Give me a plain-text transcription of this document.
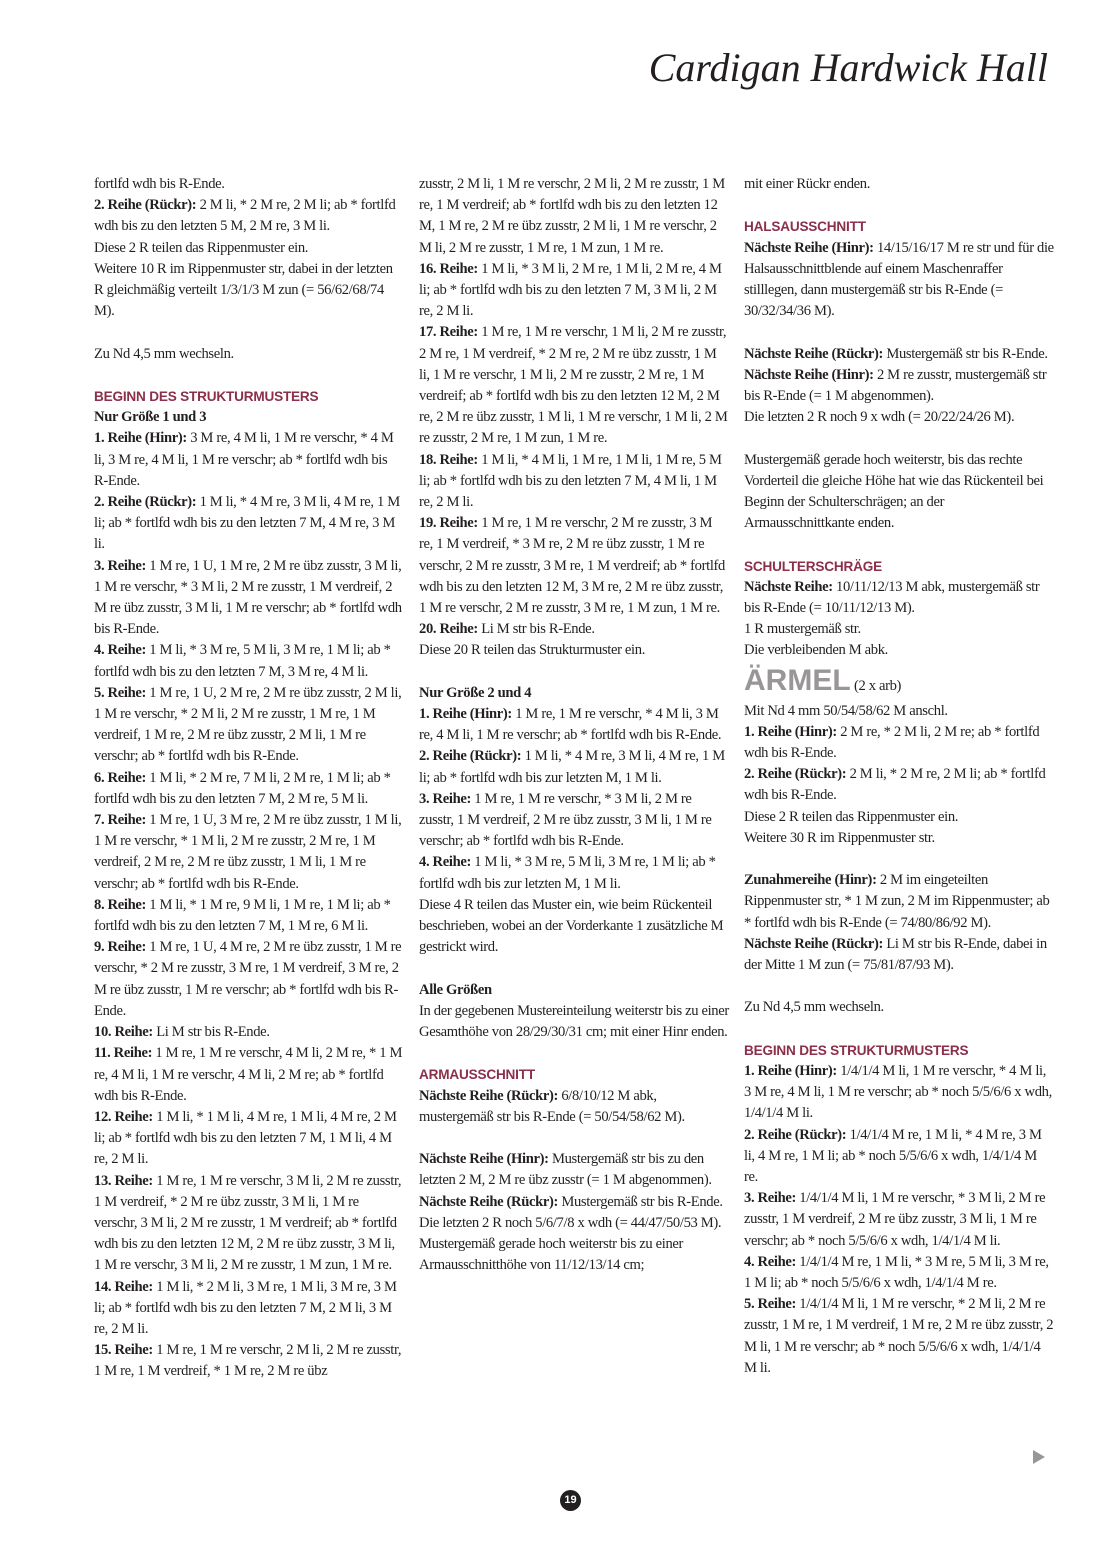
Cardigan Hardwick Hall

fortlfd wdh bis R-Ende.

2. Reihe (Rückr): 2 M li, * 2 M re, 2 M li; ab * fortlfd wdh bis zu den letzten 5 M, 2 M re, 3 M li.

Diese 2 R teilen das Rippenmuster ein.

Weitere 10 R im Rippenmuster str, dabei in der letzten R gleichmäßig verteilt 1/3/1/3 M zun (= 56/62/68/74 M).

Zu Nd 4,5 mm wechseln.

BEGINN DES STRUKTURMUSTERS

Nur Größe 1 und 3

1. Reihe (Hinr): 3 M re, 4 M li, 1 M re verschr, * 4 M li, 3 M re, 4 M li, 1 M re verschr; ab * fortlfd wdh bis R-Ende.

2. Reihe (Rückr): 1 M li, * 4 M re, 3 M li, 4 M re, 1 M li; ab * fortlfd wdh bis zu den letzten 7 M, 4 M re, 3 M li.

3. Reihe: 1 M re, 1 U, 1 M re, 2 M re übz zusstr, 3 M li, 1 M re verschr, * 3 M li, 2 M re zusstr, 1 M verdreif, 2 M re übz zusstr, 3 M li, 1 M re verschr; ab * fortlfd wdh bis R-Ende.

4. Reihe: 1 M li, * 3 M re, 5 M li, 3 M re, 1 M li; ab * fortlfd wdh bis zu den letzten 7 M, 3 M re, 4 M li.

5. Reihe: 1 M re, 1 U, 2 M re, 2 M re übz zusstr, 2 M li, 1 M re verschr, * 2 M li, 2 M re zusstr, 1 M re, 1 M verdreif, 1 M re, 2 M re übz zusstr, 2 M li, 1 M re verschr; ab * fortlfd wdh bis R-Ende.

6. Reihe: 1 M li, * 2 M re, 7 M li, 2 M re, 1 M li; ab * fortlfd wdh bis zu den letzten 7 M, 2 M re, 5 M li.

7. Reihe: 1 M re, 1 U, 3 M re, 2 M re übz zusstr, 1 M li, 1 M re verschr, * 1 M li, 2 M re zusstr, 2 M re, 1 M verdreif, 2 M re, 2 M re übz zusstr, 1 M li, 1 M re verschr; ab * fortlfd wdh bis R-Ende.

8. Reihe: 1 M li, * 1 M re, 9 M li, 1 M re, 1 M li; ab * fortlfd wdh bis zu den letzten 7 M, 1 M re, 6 M li.

9. Reihe: 1 M re, 1 U, 4 M re, 2 M re übz zusstr, 1 M re verschr, * 2 M re zusstr, 3 M re, 1 M verdreif, 3 M re, 2 M re übz zusstr, 1 M re verschr; ab * fortlfd wdh bis R-Ende.

10. Reihe: Li M str bis R-Ende.

11. Reihe: 1 M re, 1 M re verschr, 4 M li, 2 M re, * 1 M re, 4 M li, 1 M re verschr, 4 M li, 2 M re; ab * fortlfd wdh bis R-Ende.

12. Reihe: 1 M li, * 1 M li, 4 M re, 1 M li, 4 M re, 2 M li; ab * fortlfd wdh bis zu den letzten 7 M, 1 M li, 4 M re, 2 M li.

13. Reihe: 1 M re, 1 M re verschr, 3 M li, 2 M re zusstr, 1 M verdreif, * 2 M re übz zusstr, 3 M li, 1 M re verschr, 3 M li, 2 M re zusstr, 1 M verdreif; ab * fortlfd wdh bis zu den letzten 12 M, 2 M re übz zusstr, 3 M li, 1 M re verschr, 3 M li, 2 M re zusstr, 1 M zun, 1 M re.

14. Reihe: 1 M li, * 2 M li, 3 M re, 1 M li, 3 M re, 3 M li; ab * fortlfd wdh bis zu den letzten 7 M, 2 M li, 3 M re, 2 M li.

15. Reihe: 1 M re, 1 M re verschr, 2 M li, 2 M re zusstr, 1 M re, 1 M verdreif, * 1 M re, 2 M re übz

zusstr, 2 M li, 1 M re verschr, 2 M li, 2 M re zusstr, 1 M re, 1 M verdreif; ab * fortlfd wdh bis zu den letzten 12 M, 1 M re, 2 M re übz zusstr, 2 M li, 1 M re verschr, 2 M li, 2 M re zusstr, 1 M re, 1 M zun, 1 M re.

16. Reihe: 1 M li, * 3 M li, 2 M re, 1 M li, 2 M re, 4 M li; ab * fortlfd wdh bis zu den letzten 7 M, 3 M li, 2 M re, 2 M li.

17. Reihe: 1 M re, 1 M re verschr, 1 M li, 2 M re zusstr, 2 M re, 1 M verdreif, * 2 M re, 2 M re übz zusstr, 1 M li, 1 M re verschr, 1 M li, 2 M re zusstr, 2 M re, 1 M verdreif; ab * fortlfd wdh bis zu den letzten 12 M, 2 M re, 2 M re übz zusstr, 1 M li, 1 M re verschr, 1 M li, 2 M re zusstr, 2 M re, 1 M zun, 1 M re.

18. Reihe: 1 M li, * 4 M li, 1 M re, 1 M li, 1 M re, 5 M li; ab * fortlfd wdh bis zu den letzten 7 M, 4 M li, 1 M re, 2 M li.

19. Reihe: 1 M re, 1 M re verschr, 2 M re zusstr, 3 M re, 1 M verdreif, * 3 M re, 2 M re übz zusstr, 1 M re verschr, 2 M re zusstr, 3 M re, 1 M verdreif; ab * fortlfd wdh bis zu den letzten 12 M, 3 M re, 2 M re übz zusstr, 1 M re verschr, 2 M re zusstr, 3 M re, 1 M zun, 1 M re.

20. Reihe: Li M str bis R-Ende.

Diese 20 R teilen das Strukturmuster ein.

Nur Größe 2 und 4

1. Reihe (Hinr): 1 M re, 1 M re verschr, * 4 M li, 3 M re, 4 M li, 1 M re verschr; ab * fortlfd wdh bis R-Ende.

2. Reihe (Rückr): 1 M li, * 4 M re, 3 M li, 4 M re, 1 M li; ab * fortlfd wdh bis zur letzten M, 1 M li.

3. Reihe: 1 M re, 1 M re verschr, * 3 M li, 2 M re zusstr, 1 M verdreif, 2 M re übz zusstr, 3 M li, 1 M re verschr; ab * fortlfd wdh bis R-Ende.

4. Reihe: 1 M li, * 3 M re, 5 M li, 3 M re, 1 M li; ab * fortlfd wdh bis zur letzten M, 1 M li.

Diese 4 R teilen das Muster ein, wie beim Rückenteil beschrieben, wobei an der Vorderkante 1 zusätzliche M gestrickt wird.

Alle Größen

In der gegebenen Mustereinteilung weiterstr bis zu einer Gesamthöhe von 28/29/30/31 cm; mit einer Hinr enden.

ARMAUSSCHNITT

Nächste Reihe (Rückr): 6/8/10/12 M abk, mustergemäß str bis R-Ende (= 50/54/58/62 M).

Nächste Reihe (Hinr): Mustergemäß str bis zu den letzten 2 M, 2 M re übz zusstr (= 1 M abgenommen).

Nächste Reihe (Rückr): Mustergemäß str bis R-Ende.

Die letzten 2 R noch 5/6/7/8 x wdh (= 44/47/50/53 M).

Mustergemäß gerade hoch weiterstr bis zu einer Armausschnitthöhe von 11/12/13/14 cm;

mit einer Rückr enden.

HALSAUSSCHNITT

Nächste Reihe (Hinr): 14/15/16/17 M re str und für die Halsausschnittblende auf einem Maschenraffer stilllegen, dann mustergemäß str bis R-Ende (= 30/32/34/36 M).

Nächste Reihe (Rückr): Mustergemäß str bis R-Ende.

Nächste Reihe (Hinr): 2 M re zusstr, mustergemäß str bis R-Ende (= 1 M abgenommen).

Die letzten 2 R noch 9 x wdh (= 20/22/24/26 M).

Mustergemäß gerade hoch weiterstr, bis das rechte Vorderteil die gleiche Höhe hat wie das Rückenteil bei Beginn der Schulterschrägen; an der Armausschnittkante enden.

SCHULTERSCHRÄGE

Nächste Reihe: 10/11/12/13 M abk, mustergemäß str bis R-Ende (= 10/11/12/13 M).

1 R mustergemäß str.

Die verbleibenden M abk.

ÄRMEL (2 x arb)

Mit Nd 4 mm 50/54/58/62 M anschl.

1. Reihe (Hinr): 2 M re, * 2 M li, 2 M re; ab * fortlfd wdh bis R-Ende.

2. Reihe (Rückr): 2 M li, * 2 M re, 2 M li; ab * fortlfd wdh bis R-Ende.

Diese 2 R teilen das Rippenmuster ein.

Weitere 30 R im Rippenmuster str.

Zunahmereihe (Hinr): 2 M im eingeteilten Rippenmuster str, * 1 M zun, 2 M im Rippenmuster; ab * fortlfd wdh bis R-Ende (= 74/80/86/92 M).

Nächste Reihe (Rückr): Li M str bis R-Ende, dabei in der Mitte 1 M zun (= 75/81/87/93 M).

Zu Nd 4,5 mm wechseln.

BEGINN DES STRUKTURMUSTERS

1. Reihe (Hinr): 1/4/1/4 M li, 1 M re verschr, * 4 M li, 3 M re, 4 M li, 1 M re verschr; ab * noch 5/5/6/6 x wdh, 1/4/1/4 M li.

2. Reihe (Rückr): 1/4/1/4 M re, 1 M li, * 4 M re, 3 M li, 4 M re, 1 M li; ab * noch 5/5/6/6 x wdh, 1/4/1/4 M re.

3. Reihe: 1/4/1/4 M li, 1 M re verschr, * 3 M li, 2 M re zusstr, 1 M verdreif, 2 M re übz zusstr, 3 M li, 1 M re verschr; ab * noch 5/5/6/6 x wdh, 1/4/1/4 M li.

4. Reihe: 1/4/1/4 M re, 1 M li, * 3 M re, 5 M li, 3 M re, 1 M li; ab * noch 5/5/6/6 x wdh, 1/4/1/4 M re.

5. Reihe: 1/4/1/4 M li, 1 M re verschr, * 2 M li, 2 M re zusstr, 1 M re, 1 M verdreif, 1 M re, 2 M re übz zusstr, 2 M li, 1 M re verschr; ab * noch 5/5/6/6 x wdh, 1/4/1/4 M li.

19
